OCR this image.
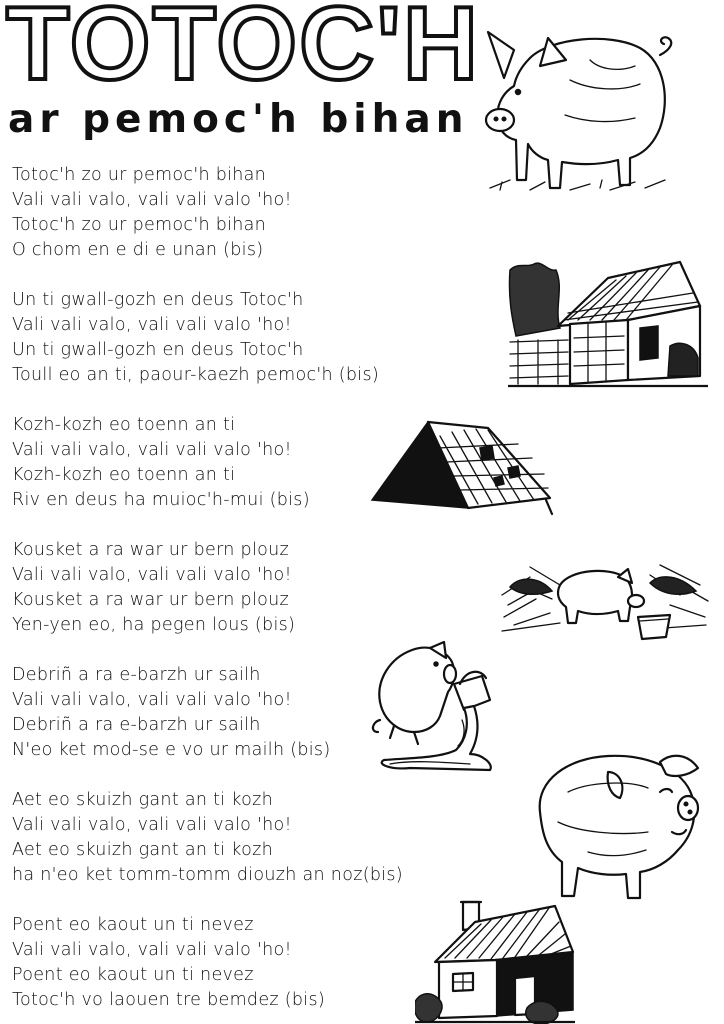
TOTOC'H
ar pemoc'h bihan
Totoc'h zo ur pemoc'h bihan
Vali vali valo, vali vali valo 'ho!
Totoc'h zo ur pemoc'h bihan
O chom en e di e unan (bis)
Un ti gwall-gozh en deus Totoc'h
Vali vali valo, vali vali valo 'ho!
Un ti gwall-gozh en deus Totoc'h
Toull eo an ti, paour-kaezh pemoc'h (bis)
Kozh-kozh eo toenn an ti
Vali vali valo, vali vali valo 'ho!
Kozh-kozh eo toenn an ti
Riv en deus ha muioc'h-mui (bis)
Kousket a ra war ur bern plouz
Vali vali valo, vali vali valo 'ho!
Kousket a ra war ur bern plouz
Yen-yen eo, ha pegen lous (bis)
Debriñ a ra e-barzh ur sailh
Vali vali valo, vali vali valo 'ho!
Debriñ a ra e-barzh ur sailh
N'eo ket mod-se e vo ur mailh (bis)
Aet eo skuizh gant an ti kozh
Vali vali valo, vali vali valo 'ho!
Aet eo skuizh gant an ti kozh
ha n'eo ket tomm-tomm diouzh an noz(bis)
Poent eo kaout un ti nevez
Vali vali valo, vali vali valo 'ho!
Poent eo kaout un ti nevez
Totoc'h vo laouen tre bemdez (bis)
